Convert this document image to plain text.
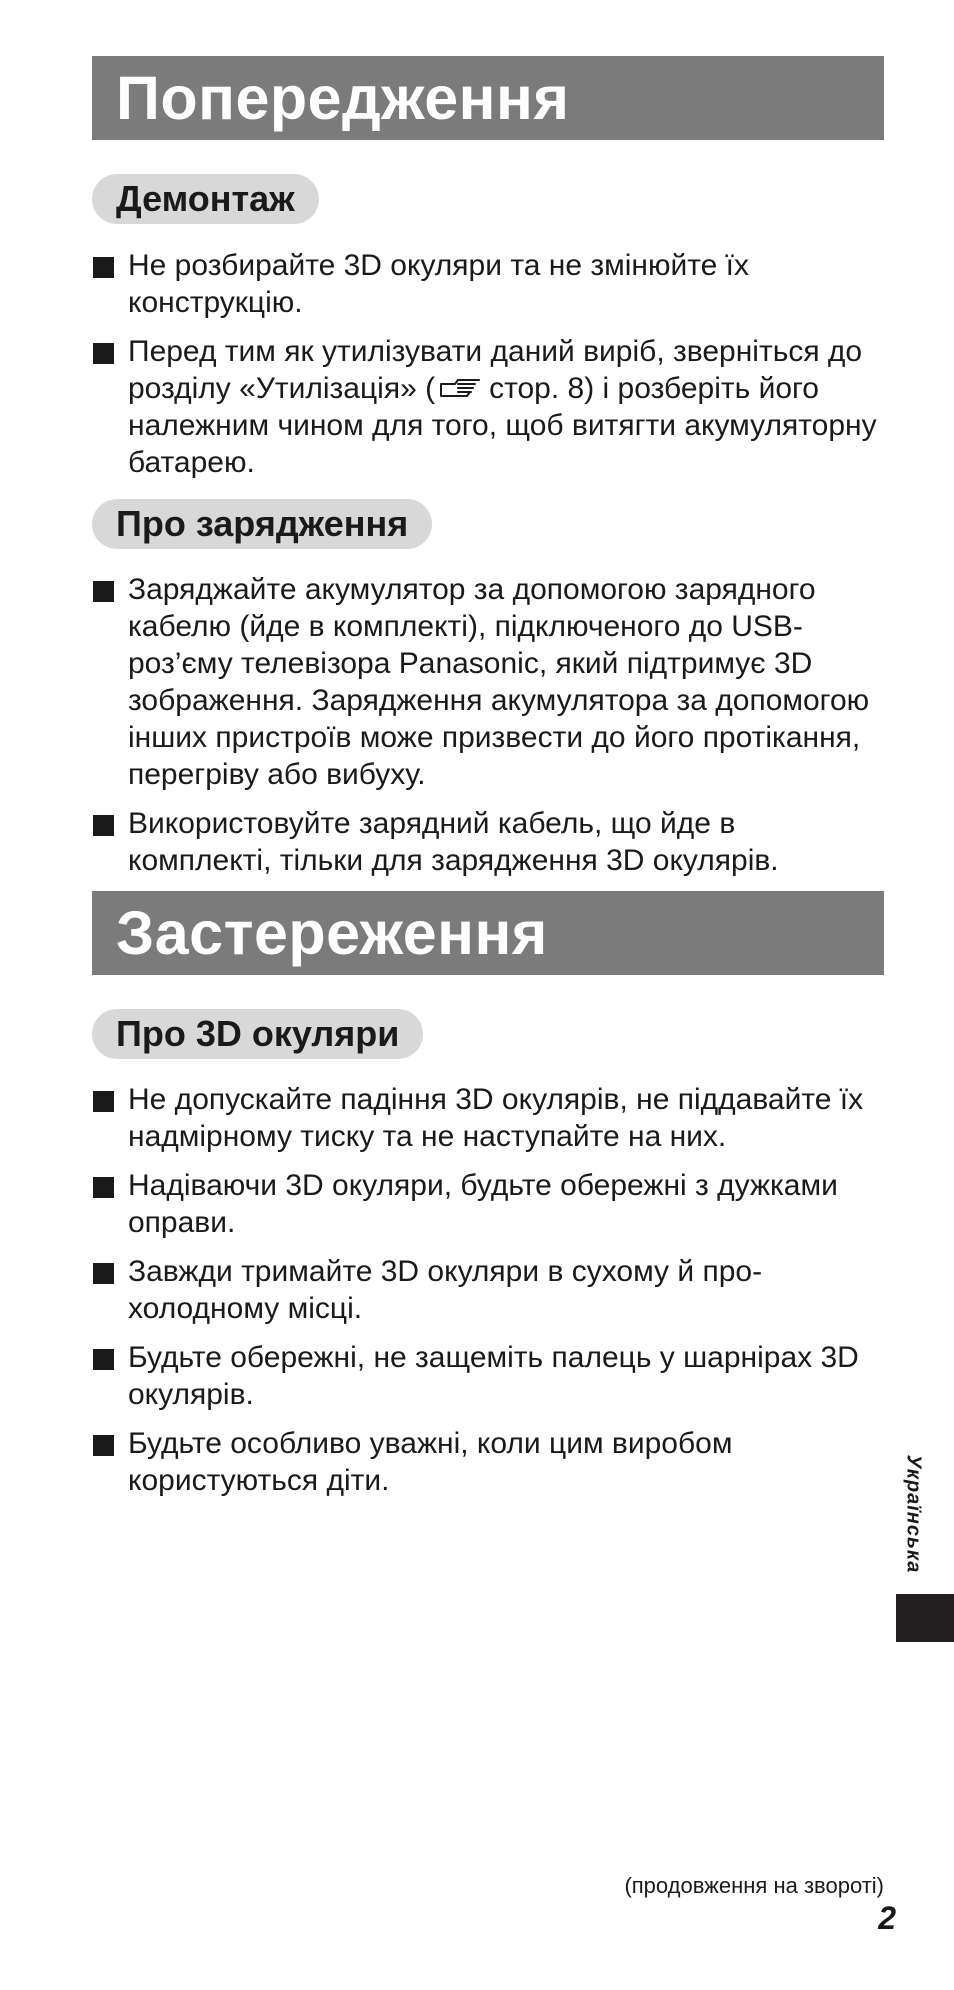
Попередження
Демонтаж
Не розбирайте 3D окуляри та не змінюйте їх конструкцію.
Перед тим як утилізувати даний виріб, зверніться до розділу «Утилізація» ( стор. 8) і розберіть його належним чином для того, щоб витягти акумуляторну батарею.
Про зарядження
Заряджайте акумулятор за допомогою зарядного кабелю (йде в комплекті), підключеного до USB-роз’єму телевізора Panasonic, який підтримує 3D зображення. Зарядження акумулятора за допомогою інших пристроїв може призвести до його протікання, перегріву або вибуху.
Використовуйте зарядний кабель, що йде в комплекті, тільки для зарядження 3D окулярів.
Застереження
Про 3D окуляри
Не допускайте падіння 3D окулярів, не піддавайте їх надмірному тиску та не наступайте на них.
Надіваючи 3D окуляри, будьте обережні з дужками оправи.
Завжди тримайте 3D окуляри в сухому й прохолодному місці.
Будьте обережні, не защеміть палець у шарнірах 3D окулярів.
Будьте особливо уважні, коли цим виробом користуються діти.	Українська
(продовження на звороті)
2
